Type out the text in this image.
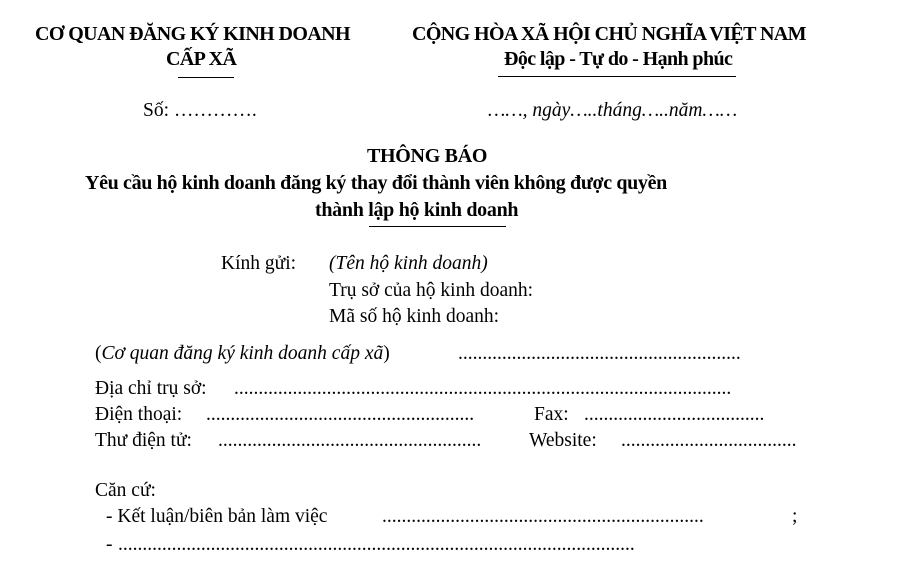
CƠ QUAN ĐĂNG KÝ KINH DOANH
CẤP XÃ
Số: ………….
CỘNG HÒA XÃ HỘI CHỦ NGHĨA VIỆT NAM
Độc lập - Tự do - Hạnh phúc
……, ngày…..tháng…..năm……
THÔNG BÁO
Yêu cầu hộ kinh doanh đăng ký thay đổi thành viên không được quyền
thành lập hộ kinh doanh
Kính gửi: (Tên hộ kinh doanh)
Trụ sở của hộ kinh doanh:
Mã số hộ kinh doanh:
(Cơ quan đăng ký kinh doanh cấp xã)	..........................................................
Địa chỉ trụ sở: ......................................................................................................
Điện thoại: .......................................................	Fax: .....................................
Thư điện tử: ......................................................	Website: ....................................
Căn cứ:
- Kết luận/biên bản làm việc	..................................................................	;
- ..........................................................................................................
